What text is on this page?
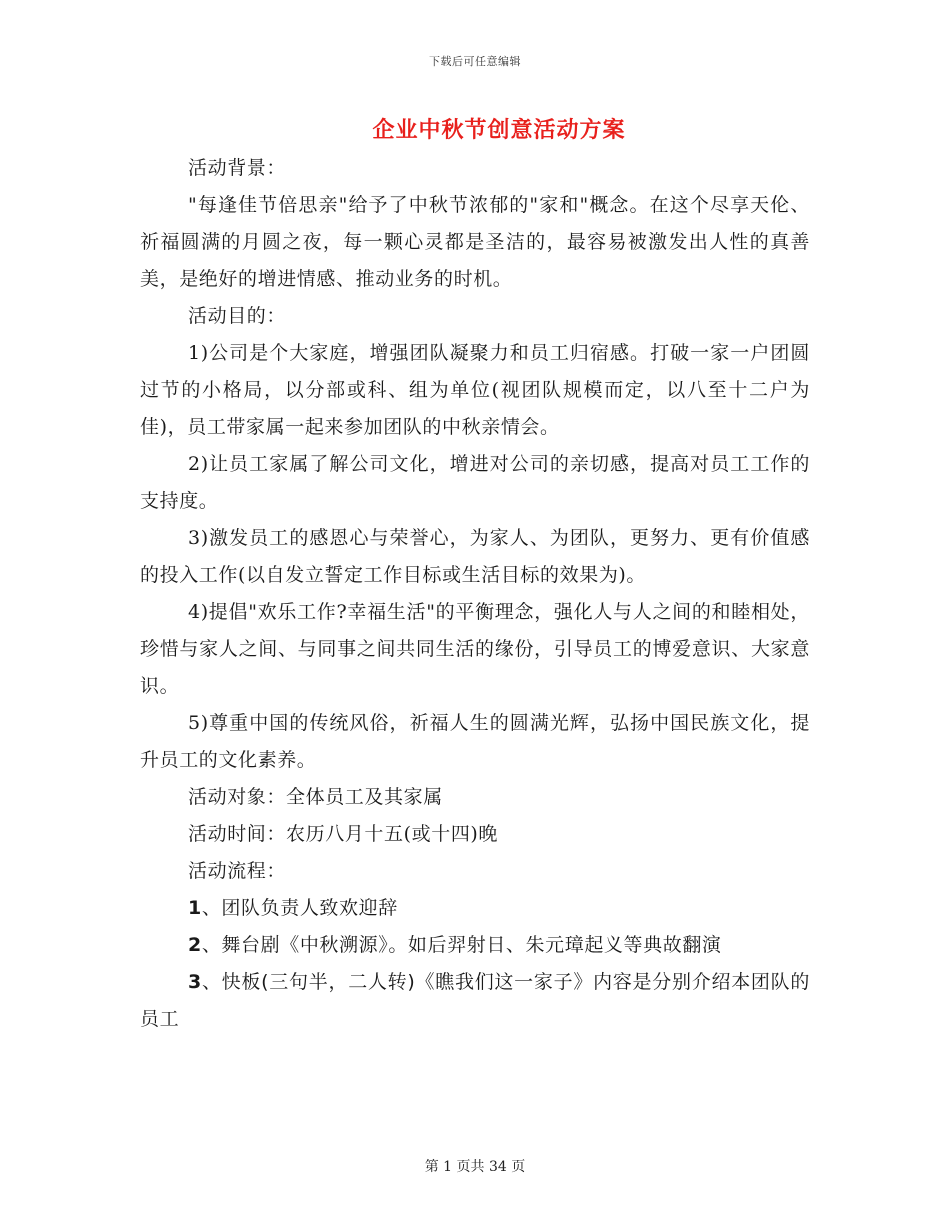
下载后可任意编辑
企业中秋节创意活动方案

活动背景：

"每逢佳节倍思亲"给予了中秋节浓郁的"家和"概念。在这个尽享天伦、祈福圆满的月圆之夜，每一颗心灵都是圣洁的，最容易被激发出人性的真善美，是绝好的增进情感、推动业务的时机。

活动目的：

1)公司是个大家庭，增强团队凝聚力和员工归宿感。打破一家一户团圆过节的小格局，以分部或科、组为单位(视团队规模而定，以八至十二户为佳)，员工带家属一起来参加团队的中秋亲情会。

2)让员工家属了解公司文化，增进对公司的亲切感，提高对员工工作的支持度。

3)激发员工的感恩心与荣誉心，为家人、为团队，更努力、更有价值感的投入工作(以自发立誓定工作目标或生活目标的效果为)。

4)提倡"欢乐工作?幸福生活"的平衡理念，强化人与人之间的和睦相处，珍惜与家人之间、与同事之间共同生活的缘份，引导员工的博爱意识、大家意识。

5)尊重中国的传统风俗，祈福人生的圆满光辉，弘扬中国民族文化，提升员工的文化素养。

活动对象：全体员工及其家属

活动时间：农历八月十五(或十四)晚

活动流程：

1、团队负责人致欢迎辞

2、舞台剧《中秋溯源》。如后羿射日、朱元璋起义等典故翻演

3、快板(三句半，二人转)《瞧我们这一家子》内容是分别介绍本团队的员工

第 1 页共 34 页
